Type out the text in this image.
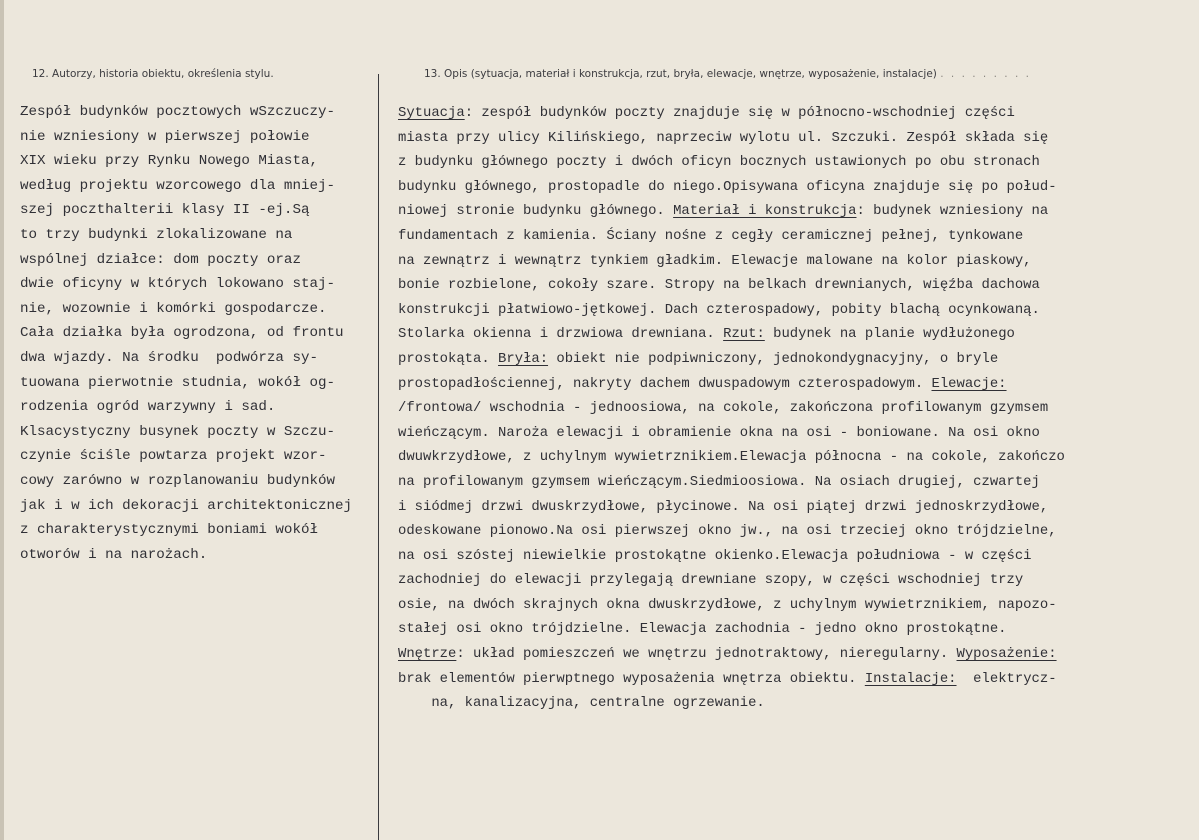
12. Autorzy, historia obiektu, określenia stylu.	13. Opis (sytuacja, materiał i konstrukcja, rzut, bryła, elewacje, wnętrze, wyposażenie, instalacje) . . . . . . . . .
Zespół budynków pocztowych wSzczuczy-
nie wzniesiony w pierwszej połowie
XIX wieku przy Rynku Nowego Miasta,
według projektu wzorcowego dla mniej-
szej poczthalterii klasy II -ej.Są
to trzy budynki zlokalizowane na
wspólnej działce: dom poczty oraz
dwie oficyny w których lokowano staj-
nie, wozownie i komórki gospodarcze.
Cała działka była ogrodzona, od frontu
dwa wjazdy. Na środku  podwórza sy-
tuowana pierwotnie studnia, wokół og-
rodzenia ogród warzywny i sad.
Klsacystyczny busynek poczty w Szczu-
czynie ściśle powtarza projekt wzor-
cowy zarówno w rozplanowaniu budynków
jak i w ich dekoracji architektonicznej
z charakterystycznymi boniami wokół
otworów i na narożach.
Sytuacja: zespół budynków poczty znajduje się w północno-wschodniej części
miasta przy ulicy Kilińskiego, naprzeciw wylotu ul. Szczuki. Zespół składa się
z budynku głównego poczty i dwóch oficyn bocznych ustawionych po obu stronach
budynku głównego, prostopadle do niego.Opisywana oficyna znajduje się po połud-
niowej stronie budynku głównego. Materiał i konstrukcja: budynek wzniesiony na
fundamentach z kamienia. Ściany nośne z cegły ceramicznej pełnej, tynkowane
na zewnątrz i wewnątrz tynkiem gładkim. Elewacje malowane na kolor piaskowy,
bonie rozbielone, cokoły szare. Stropy na belkach drewnianych, więźba dachowa
konstrukcji płatwiowo-jętkowej. Dach czterospadowy, pobity blachą ocynkowaną.
Stolarka okienna i drzwiowa drewniana. Rzut: budynek na planie wydłużonego
prostokąta. Bryła: obiekt nie podpiwniczony, jednokondygnacyjny, o bryle
prostopadłościennej, nakryty dachem dwuspadowym czterospadowym. Elewacje:
/frontowa/ wschodnia - jednoosiowa, na cokole, zakończona profilowanym gzymsem
wieńczącym. Naroża elewacji i obramienie okna na osi - boniowane. Na osi okno
dwuwkrzydłowe, z uchylnym wywietrznikiem.Elewacja północna - na cokole, zakończo
na profilowanym gzymsem wieńczącym.Siedmioosiowa. Na osiach drugiej, czwartej
i siódmej drzwi dwuskrzydłowe, płycinowe. Na osi piątej drzwi jednoskrzydłowe,
odeskowane pionowo.Na osi pierwszej okno jw., na osi trzeciej okno trójdzielne,
na osi szóstej niewielkie prostokątne okienko.Elewacja południowa - w części
zachodniej do elewacji przylegają drewniane szopy, w części wschodniej trzy
osie, na dwóch skrajnych okna dwuskrzydłowe, z uchylnym wywietrznikiem, napozo-
stałej osi okno trójdzielne. Elewacja zachodnia - jedno okno prostokątne.
Wnętrze: układ pomieszczeń we wnętrzu jednotraktowy, nieregularny. Wyposażenie:
brak elementów pierwptnego wyposażenia wnętrza obiektu. Instalacje:  elektrycz-
na, kanalizacyjna, centralne ogrzewanie.
